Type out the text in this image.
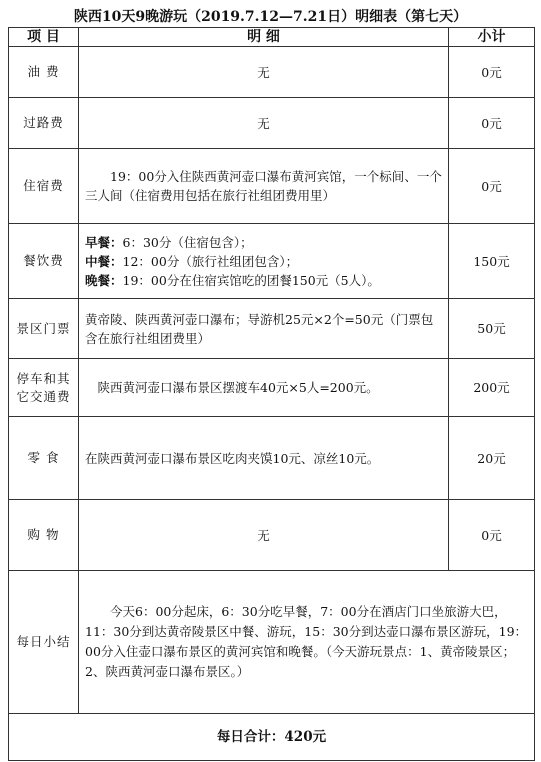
陕西10天9晚游玩（2019.7.12—7.21日）明细表（第七天）
项 目	明 细	小计
油 费	无	0元
过路费	无	0元
住宿费	19：00分入住陕西黄河壶口瀑布黄河宾馆，一个标间、一个三人间（住宿费用包括在旅行社组团费用里）	0元
餐饮费	早餐：6：30分（住宿包含）；
中餐：12：00分（旅行社组团包含）；
晚餐：19：00分在住宿宾馆吃的团餐150元（5人）。	150元
景区门票	黄帝陵、陕西黄河壶口瀑布；导游机25元×2个=50元（门票包含在旅行社组团费里）	50元

停车和其
它交通费	陕西黄河壶口瀑布景区摆渡车40元×5人=200元。	200元
零 食	在陕西黄河壶口瀑布景区吃肉夹馍10元、凉丝10元。	20元
购 物	无	0元
每日小结	今天6：00分起床，6：30分吃早餐，7：00分在酒店门口坐旅游大巴，11：30分到达黄帝陵景区中餐、游玩，15：30分到达壶口瀑布景区游玩，19：00分入住壶口瀑布景区的黄河宾馆和晚餐。（今天游玩景点：1、黄帝陵景区；2、陕西黄河壶口瀑布景区。）	
每日合计：420元		
